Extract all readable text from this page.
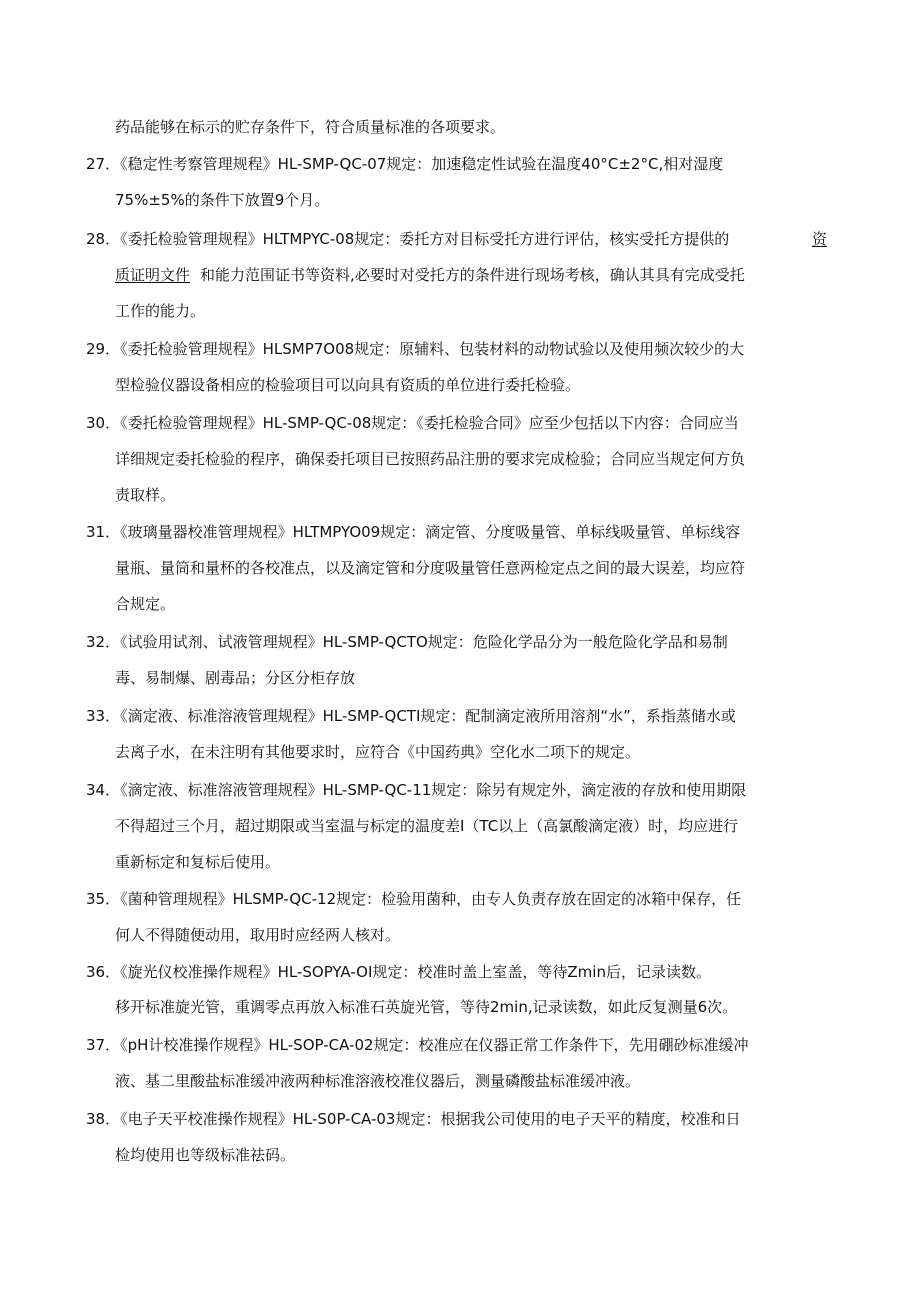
药品能够在标示的贮存条件下，符合质量标准的各项要求。
27．《稳定性考察管理规程》HL-SMP-QC-07规定：加速稳定性试验在温度40°C±2°C,相对湿度
75%±5%的条件下放置9个月。
28．《委托检验管理规程》HLTMPYC-08规定：委托方对目标受托方进行评估，核实受托方提供的	资
质证明文件 和能力范围证书等资料,必要时对受托方的条件进行现场考核，确认其具有完成受托
工作的能力。
29．《委托检验管理规程》HLSMP7O08规定：原辅料、包装材料的动物试验以及使用频次较少的大
型检验仪器设备相应的检验项目可以向具有资质的单位进行委托检验。
30．《委托检验管理规程》HL-SMP-QC-08规定：《委托检验合同》应至少包括以下内容：合同应当
详细规定委托检验的程序，确保委托项目已按照药品注册的要求完成检验；合同应当规定何方负
责取样。
31．《玻璃量器校准管理规程》HLTMPYO09规定：滴定管、分度吸量管、单标线吸量管、单标线容
量瓶、量筒和量杯的各校准点，以及滴定管和分度吸量管任意两检定点之间的最大误差，均应符
合规定。
32．《试验用试剂、试液管理规程》HL-SMP-QCTO规定：危险化学品分为一般危险化学品和易制
毒、易制爆、剧毒品；分区分柜存放
33．《滴定液、标准溶液管理规程》HL-SMP-QCTI规定：配制滴定液所用溶剂“水”，系指蒸储水或
去离子水，在未注明有其他要求时，应符合《中国药典》空化水二项下的规定。
34．《滴定液、标准溶液管理规程》HL-SMP-QC-11规定：除另有规定外，滴定液的存放和使用期限
不得超过三个月，超过期限或当室温与标定的温度差I（TC以上（高氯酸滴定液）时，均应进行
重新标定和复标后使用。
35．《菌种管理规程》HLSMP-QC-12规定：检验用菌种，由专人负责存放在固定的冰箱中保存，任
何人不得随便动用，取用时应经两人核对。
36．《旋光仪校准操作规程》HL-SOPYA-OI规定：校准时盖上室盖，等待Zmin后，记录读数。
移开标准旋光管，重调零点再放入标准石英旋光管，等待2min,记录读数，如此反复测量6次。
37．《pH计校准操作规程》HL-SOP-CA-02规定：校准应在仪器正常工作条件下，先用硼砂标准缓冲
液、基二里酸盐标准缓冲液两种标准溶液校准仪器后，测量磷酸盐标准缓冲液。
38．《电子天平校准操作规程》HL-S0P-CA-03规定：根据我公司使用的电子天平的精度，校准和日
检均使用也等级标准祛码。
